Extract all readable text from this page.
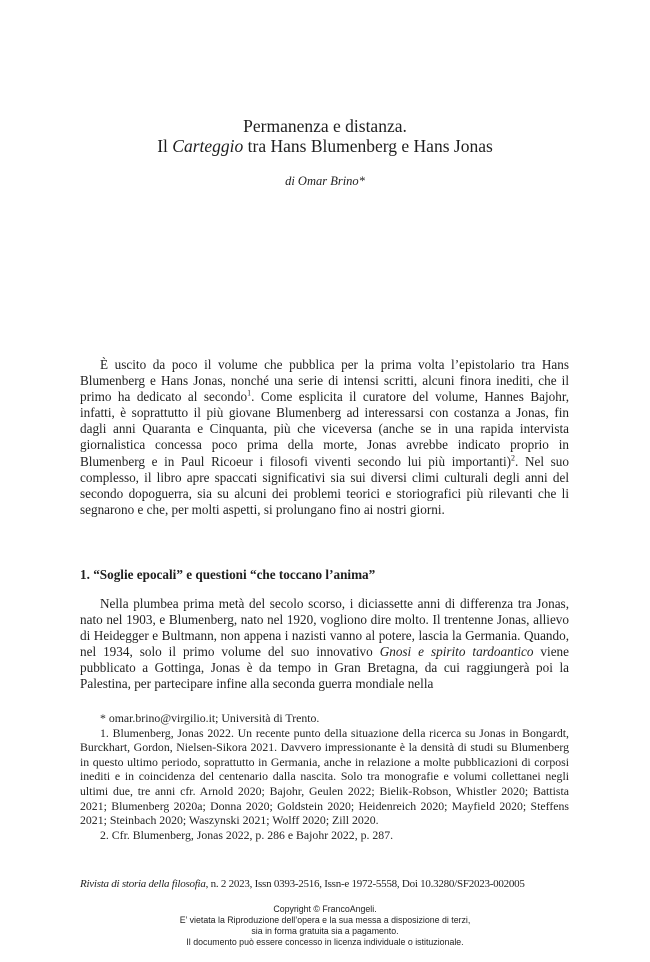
Permanenza e distanza.
Il Carteggio tra Hans Blumenberg e Hans Jonas
di Omar Brino*

È uscito da poco il volume che pubblica per la prima volta l’epistolario tra Hans Blumenberg e Hans Jonas, nonché una serie di intensi scritti, alcuni finora inediti, che il primo ha dedicato al secondo$^1$. Come esplicita il curatore del volume, Hannes Bajohr, infatti, è soprattutto il più giovane Blumenberg ad interessarsi con costanza a Jonas, fin dagli anni Quaranta e Cinquanta, più che viceversa (anche se in una rapida intervista giornalistica concessa poco prima della morte, Jonas avrebbe indicato proprio in Blumenberg e in Paul Ricoeur i filosofi viventi secondo lui più importanti)$^2$. Nel suo complesso, il libro apre spaccati significativi sia sui diversi climi culturali degli anni del secondo dopoguerra, sia su alcuni dei problemi teorici e storiografici più rilevanti che li segnarono e che, per molti aspetti, si prolungano fino ai nostri giorni.

1. “Soglie epocali” e questioni “che toccano l’anima”

Nella plumbea prima metà del secolo scorso, i diciassette anni di differenza tra Jonas, nato nel 1903, e Blumenberg, nato nel 1920, vogliono dire molto. Il trentenne Jonas, allievo di Heidegger e Bultmann, non appena i nazisti vanno al potere, lascia la Germania. Quando, nel 1934, solo il primo volume del suo innovativo Gnosi e spirito tardoantico viene pubblicato a Gottinga, Jonas è da tempo in Gran Bretagna, da cui raggiungerà poi la Palestina, per partecipare infine alla seconda guerra mondiale nella

* omar.brino@virgilio.it; Università di Trento.

1. Blumenberg, Jonas 2022. Un recente punto della situazione della ricerca su Jonas in Bongardt, Burckhart, Gordon, Nielsen-Sikora 2021. Davvero impressionante è la densità di studi su Blumenberg in questo ultimo periodo, soprattutto in Germania, anche in relazione a molte pubblicazioni di corposi inediti e in coincidenza del centenario dalla nascita. Solo tra monografie e volumi collettanei negli ultimi due, tre anni cfr. Arnold 2020; Bajohr, Geulen 2022; Bielik-Robson, Whistler 2020; Battista 2021; Blumenberg 2020a; Donna 2020; Goldstein 2020; Heidenreich 2020; Mayfield 2020; Steffens 2021; Steinbach 2020; Waszynski 2021; Wolff 2020; Zill 2020.

2. Cfr. Blumenberg, Jonas 2022, p. 286 e Bajohr 2022, p. 287.

Rivista di storia della filosofia, n. 2 2023, Issn 0393-2516, Issn-e 1972-5558, Doi 10.3280/SF2023-002005
Copyright © FrancoAngeli.
E’ vietata la Riproduzione dell’opera e la sua messa a disposizione di terzi,
sia in forma gratuita sia a pagamento.
Il documento può essere concesso in licenza individuale o istituzionale.
